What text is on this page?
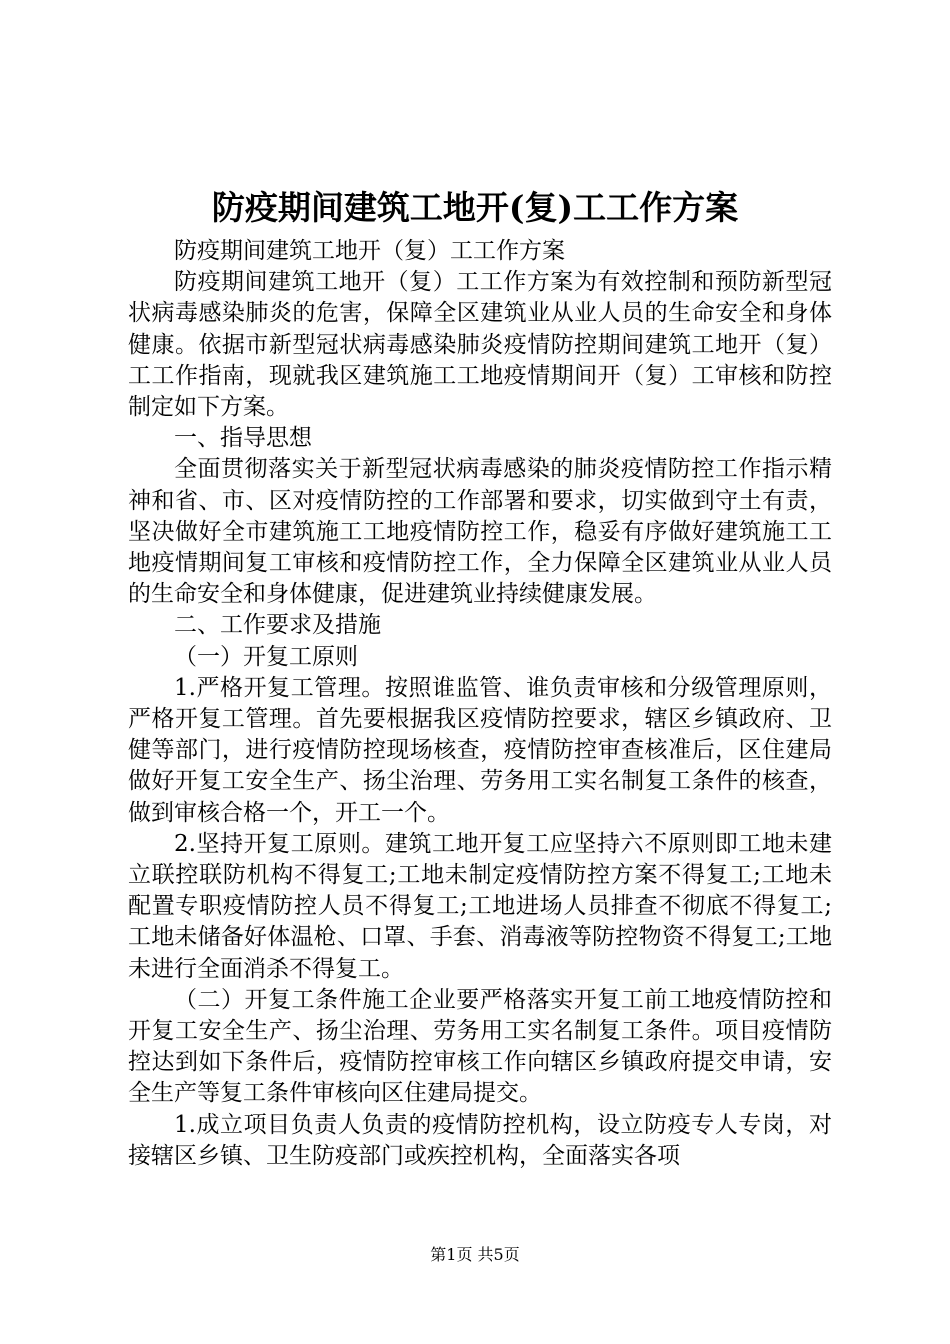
防疫期间建筑工地开(复)工工作方案

防疫期间建筑工地开（复）工工作方案

防疫期间建筑工地开（复）工工作方案为有效控制和预防新型冠状病毒感染肺炎的危害，保障全区建筑业从业人员的生命安全和身体健康。依据市新型冠状病毒感染肺炎疫情防控期间建筑工地开（复）工工作指南，现就我区建筑施工工地疫情期间开（复）工审核和防控制定如下方案。

一、指导思想

全面贯彻落实关于新型冠状病毒感染的肺炎疫情防控工作指示精神和省、市、区对疫情防控的工作部署和要求，切实做到守土有责，坚决做好全市建筑施工工地疫情防控工作，稳妥有序做好建筑施工工地疫情期间复工审核和疫情防控工作，全力保障全区建筑业从业人员的生命安全和身体健康，促进建筑业持续健康发展。

二、工作要求及措施

（一）开复工原则

1.严格开复工管理。按照谁监管、谁负责审核和分级管理原则，严格开复工管理。首先要根据我区疫情防控要求，辖区乡镇政府、卫健等部门，进行疫情防控现场核查，疫情防控审查核准后，区住建局做好开复工安全生产、扬尘治理、劳务用工实名制复工条件的核查，做到审核合格一个，开工一个。

2.坚持开复工原则。建筑工地开复工应坚持六不原则即工地未建立联控联防机构不得复工;工地未制定疫情防控方案不得复工;工地未配置专职疫情防控人员不得复工;工地进场人员排查不彻底不得复工;工地未储备好体温枪、口罩、手套、消毒液等防控物资不得复工;工地未进行全面消杀不得复工。

（二）开复工条件施工企业要严格落实开复工前工地疫情防控和开复工安全生产、扬尘治理、劳务用工实名制复工条件。项目疫情防控达到如下条件后，疫情防控审核工作向辖区乡镇政府提交申请，安全生产等复工条件审核向区住建局提交。

1.成立项目负责人负责的疫情防控机构，设立防疫专人专岗，对接辖区乡镇、卫生防疫部门或疾控机构，全面落实各项

第1页 共5页
